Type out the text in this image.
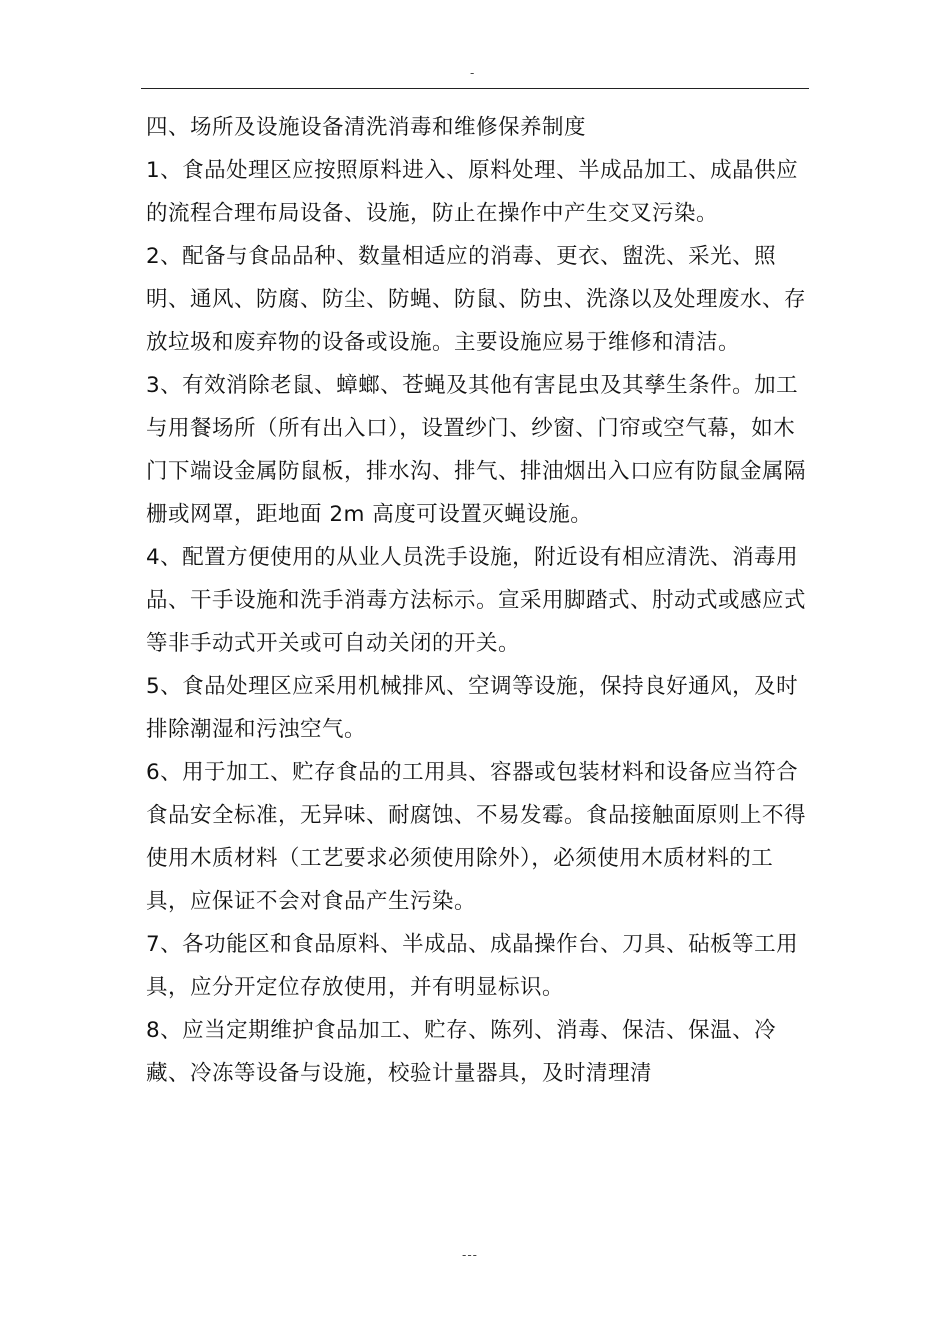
-
四、场所及设施设备清洗消毒和维修保养制度

1、食品处理区应按照原料进入、原料处理、半成品加工、成晶供应的流程合理布局设备、设施，防止在操作中产生交叉污染。

2、配备与食品品种、数量相适应的消毒、更衣、盥洗、采光、照明、通风、防腐、防尘、防蝇、防鼠、防虫、洗涤以及处理废水、存放垃圾和废弃物的设备或设施。主要设施应易于维修和清洁。

3、有效消除老鼠、蟑螂、苍蝇及其他有害昆虫及其孳生条件。加工与用餐场所（所有出入口），设置纱门、纱窗、门帘或空气幕，如木门下端设金属防鼠板，排水沟、排气、排油烟出入口应有防鼠金属隔栅或网罩，距地面 2m 高度可设置灭蝇设施。

4、配置方便使用的从业人员洗手设施，附近设有相应清洗、消毒用品、干手设施和洗手消毒方法标示。宣采用脚踏式、肘动式或感应式等非手动式开关或可自动关闭的开关。

5、食品处理区应采用机械排风、空调等设施，保持良好通风，及时排除潮湿和污浊空气。

6、用于加工、贮存食品的工用具、容器或包装材料和设备应当符合食品安全标准，无异味、耐腐蚀、不易发霉。食品接触面原则上不得使用木质材料（工艺要求必须使用除外），必须使用木质材料的工具，应保证不会对食品产生污染。

7、各功能区和食品原料、半成品、成晶操作台、刀具、砧板等工用具，应分开定位存放使用，并有明显标识。

8、应当定期维护食品加工、贮存、陈列、消毒、保洁、保温、冷藏、冷冻等设备与设施，校验计量器具，及时清理清

---
